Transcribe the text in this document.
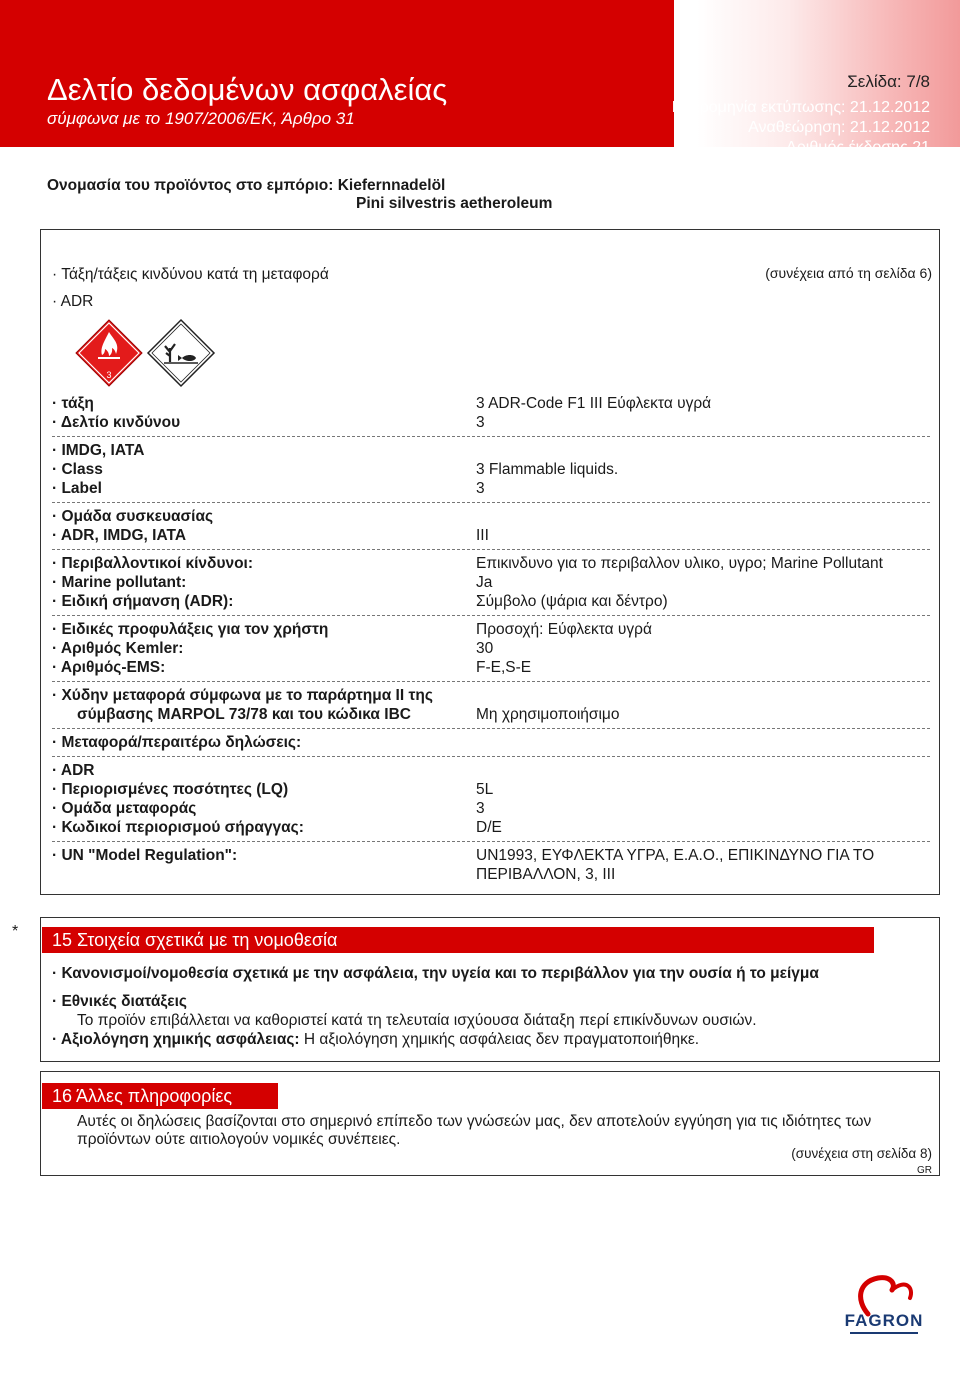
Δελτίο δεδομένων ασφαλείας
σύμφωνα με το 1907/2006/ΕΚ, Άρθρο 31
Σελίδα: 7/8
Ημερομηνία εκτύπωσης: 21.12.2012
Αναθεώρηση: 21.12.2012
Αριθμός έκδοσης 21
Ονομασία του προϊόντος στο εμπόριο: Kiefernnadelöl
Pini silvestris aetheroleum
(συνέχεια από τη σελίδα 6)
· Τάξη/τάξεις κινδύνου κατά τη μεταφορά
· ADR
3
· τάξη	3 ADR-Code F1 III Εύφλεκτα υγρά
· Δελτίο κινδύνου	3
· IMDG, IATA
· Class	3 Flammable liquids.
· Label	3
· Ομάδα συσκευασίας
· ADR, IMDG, IATA	III
· Περιβαλλοντικοί κίνδυνοι:	Επικινδυνο για το περιβαλλον υλικο, υγρο; Marine Pollutant
· Marine pollutant:	Ja
· Ειδική σήμανση (ADR):	Σύμβολο (ψάρια και δέντρο)
· Ειδικές προφυλάξεις για τον χρήστη	Προσοχή: Εύφλεκτα υγρά
· Αριθμός Kemler:	30
· Αριθμός-EMS:	F-E,S-E
· Χύδην μεταφορά σύμφωνα με το παράρτημα II της
σύμβασης MARPOL 73/78 και του κώδικα IBC	Μη χρησιμοποιήσιμο
· Μεταφορά/περαιτέρω δηλώσεις:
· ADR
· Περιορισμένες ποσότητες (LQ)	5L
· Ομάδα μεταφοράς	3
· Κωδικοί περιορισμού σήραγγας:	D/E
· UN "Model Regulation":	UN1993, ΕΥΦΛΕΚΤΑ ΥΓΡΑ, Ε.Α.Ο., ΕΠΙΚΙΝΔΥΝΟ ΓΙΑ ΤΟ
ΠΕΡΙΒΑΛΛΟΝ, 3, III
*	15 Στοιχεία σχετικά με τη νομοθεσία
· Κανονισμοί/νομοθεσία σχετικά με την ασφάλεια, την υγεία και το περιβάλλον για την ουσία ή το μείγμα
· Εθνικές διατάξεις
Το προϊόν επιβάλλεται να καθοριστεί κατά τη τελευταία ισχύουσα διάταξη περί επικίνδυνων ουσιών.
· Αξιολόγηση χημικής ασφάλειας: Η αξιολόγηση χημικής ασφάλειας δεν πραγματοποιήθηκε.
16 Άλλες πληροφορίες
Αυτές οι δηλώσεις βασίζονται στο σημερινό επίπεδο των γνώσεών μας, δεν αποτελούν εγγύηση για τις ιδιότητες των
προϊόντων ούτε αιτιολογούν νομικές συνέπειες.
(συνέχεια στη σελίδα 8)
GR
FAGRON
